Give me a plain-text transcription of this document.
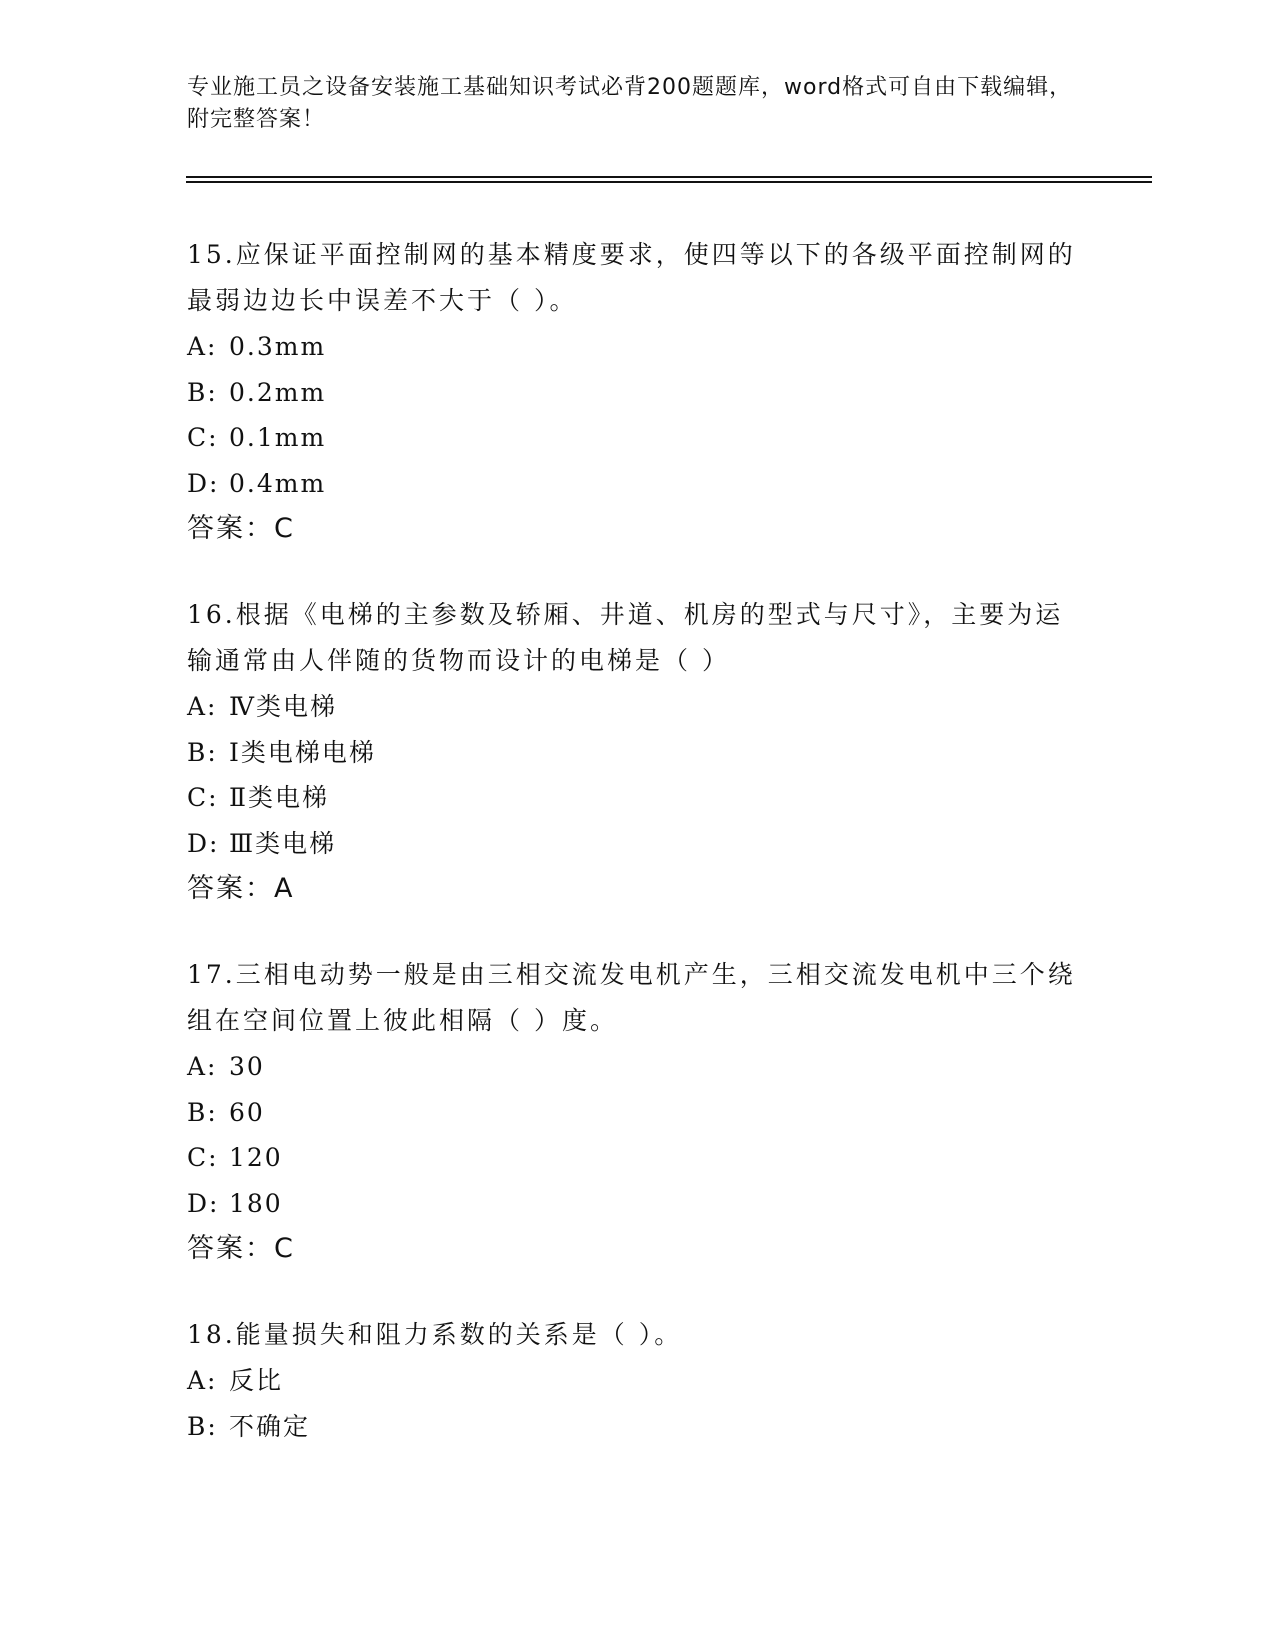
专业施工员之设备安装施工基础知识考试必背200题题库，word格式可自由下载编辑，附完整答案！
15.应保证平面控制网的基本精度要求，使四等以下的各级平面控制网的最弱边边长中误差不大于（ ）。
A: 0.3mm
B: 0.2mm
C: 0.1mm
D: 0.4mm
答案：C
16.根据《电梯的主参数及轿厢、井道、机房的型式与尺寸》，主要为运输通常由人伴随的货物而设计的电梯是（ ）
A: Ⅳ类电梯
B: Ⅰ类电梯电梯
C: Ⅱ类电梯
D: Ⅲ类电梯
答案：A
17.三相电动势一般是由三相交流发电机产生，三相交流发电机中三个绕组在空间位置上彼此相隔（ ）度。
A: 30
B: 60
C: 120
D: 180
答案：C
18.能量损失和阻力系数的关系是（ ）。
A: 反比
B: 不确定
